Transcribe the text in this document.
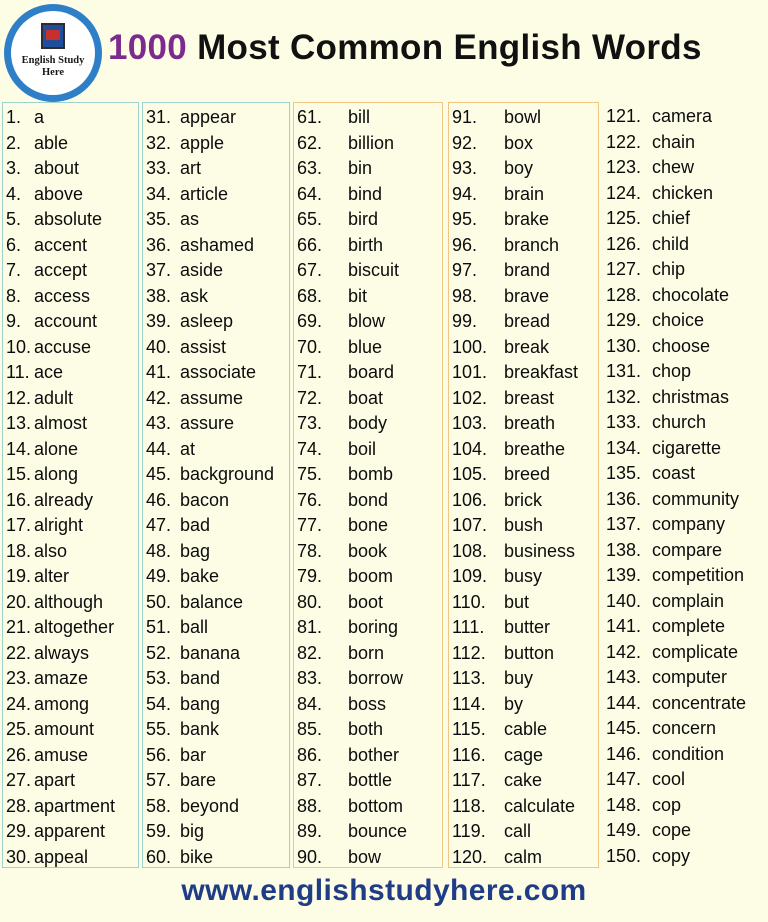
English Study Here
1000 Most Common English Words
1. a
2. able
3. about
4. above
5. absolute
6. accent
7. accept
8. access
9. account
10. accuse
11. ace
12. adult
13. almost
14. alone
15. along
16. already
17. alright
18. also
19. alter
20. although
21. altogether
22. always
23. amaze
24. among
25. amount
26. amuse
27. apart
28. apartment
29. apparent
30. appeal
31. appear
32. apple
33. art
34. article
35. as
36. ashamed
37. aside
38. ask
39. asleep
40. assist
41. associate
42. assume
43. assure
44. at
45. background
46. bacon
47. bad
48. bag
49. bake
50. balance
51. ball
52. banana
53. band
54. bang
55. bank
56. bar
57. bare
58. beyond
59. big
60. bike
61. bill
62. billion
63. bin
64. bind
65. bird
66. birth
67. biscuit
68. bit
69. blow
70. blue
71. board
72. boat
73. body
74. boil
75. bomb
76. bond
77. bone
78. book
79. boom
80. boot
81. boring
82. born
83. borrow
84. boss
85. both
86. bother
87. bottle
88. bottom
89. bounce
90. bow
91. bowl
92. box
93. boy
94. brain
95. brake
96. branch
97. brand
98. brave
99. bread
100. break
101. breakfast
102. breast
103. breath
104. breathe
105. breed
106. brick
107. bush
108. business
109. busy
110. but
111. butter
112. button
113. buy
114. by
115. cable
116. cage
117. cake
118. calculate
119. call
120. calm
121. camera
122. chain
123. chew
124. chicken
125. chief
126. child
127. chip
128. chocolate
129. choice
130. choose
131. chop
132. christmas
133. church
134. cigarette
135. coast
136. community
137. company
138. compare
139. competition
140. complain
141. complete
142. complicate
143. computer
144. concentrate
145. concern
146. condition
147. cool
148. cop
149. cope
150. copy
www.englishstudyhere.com
